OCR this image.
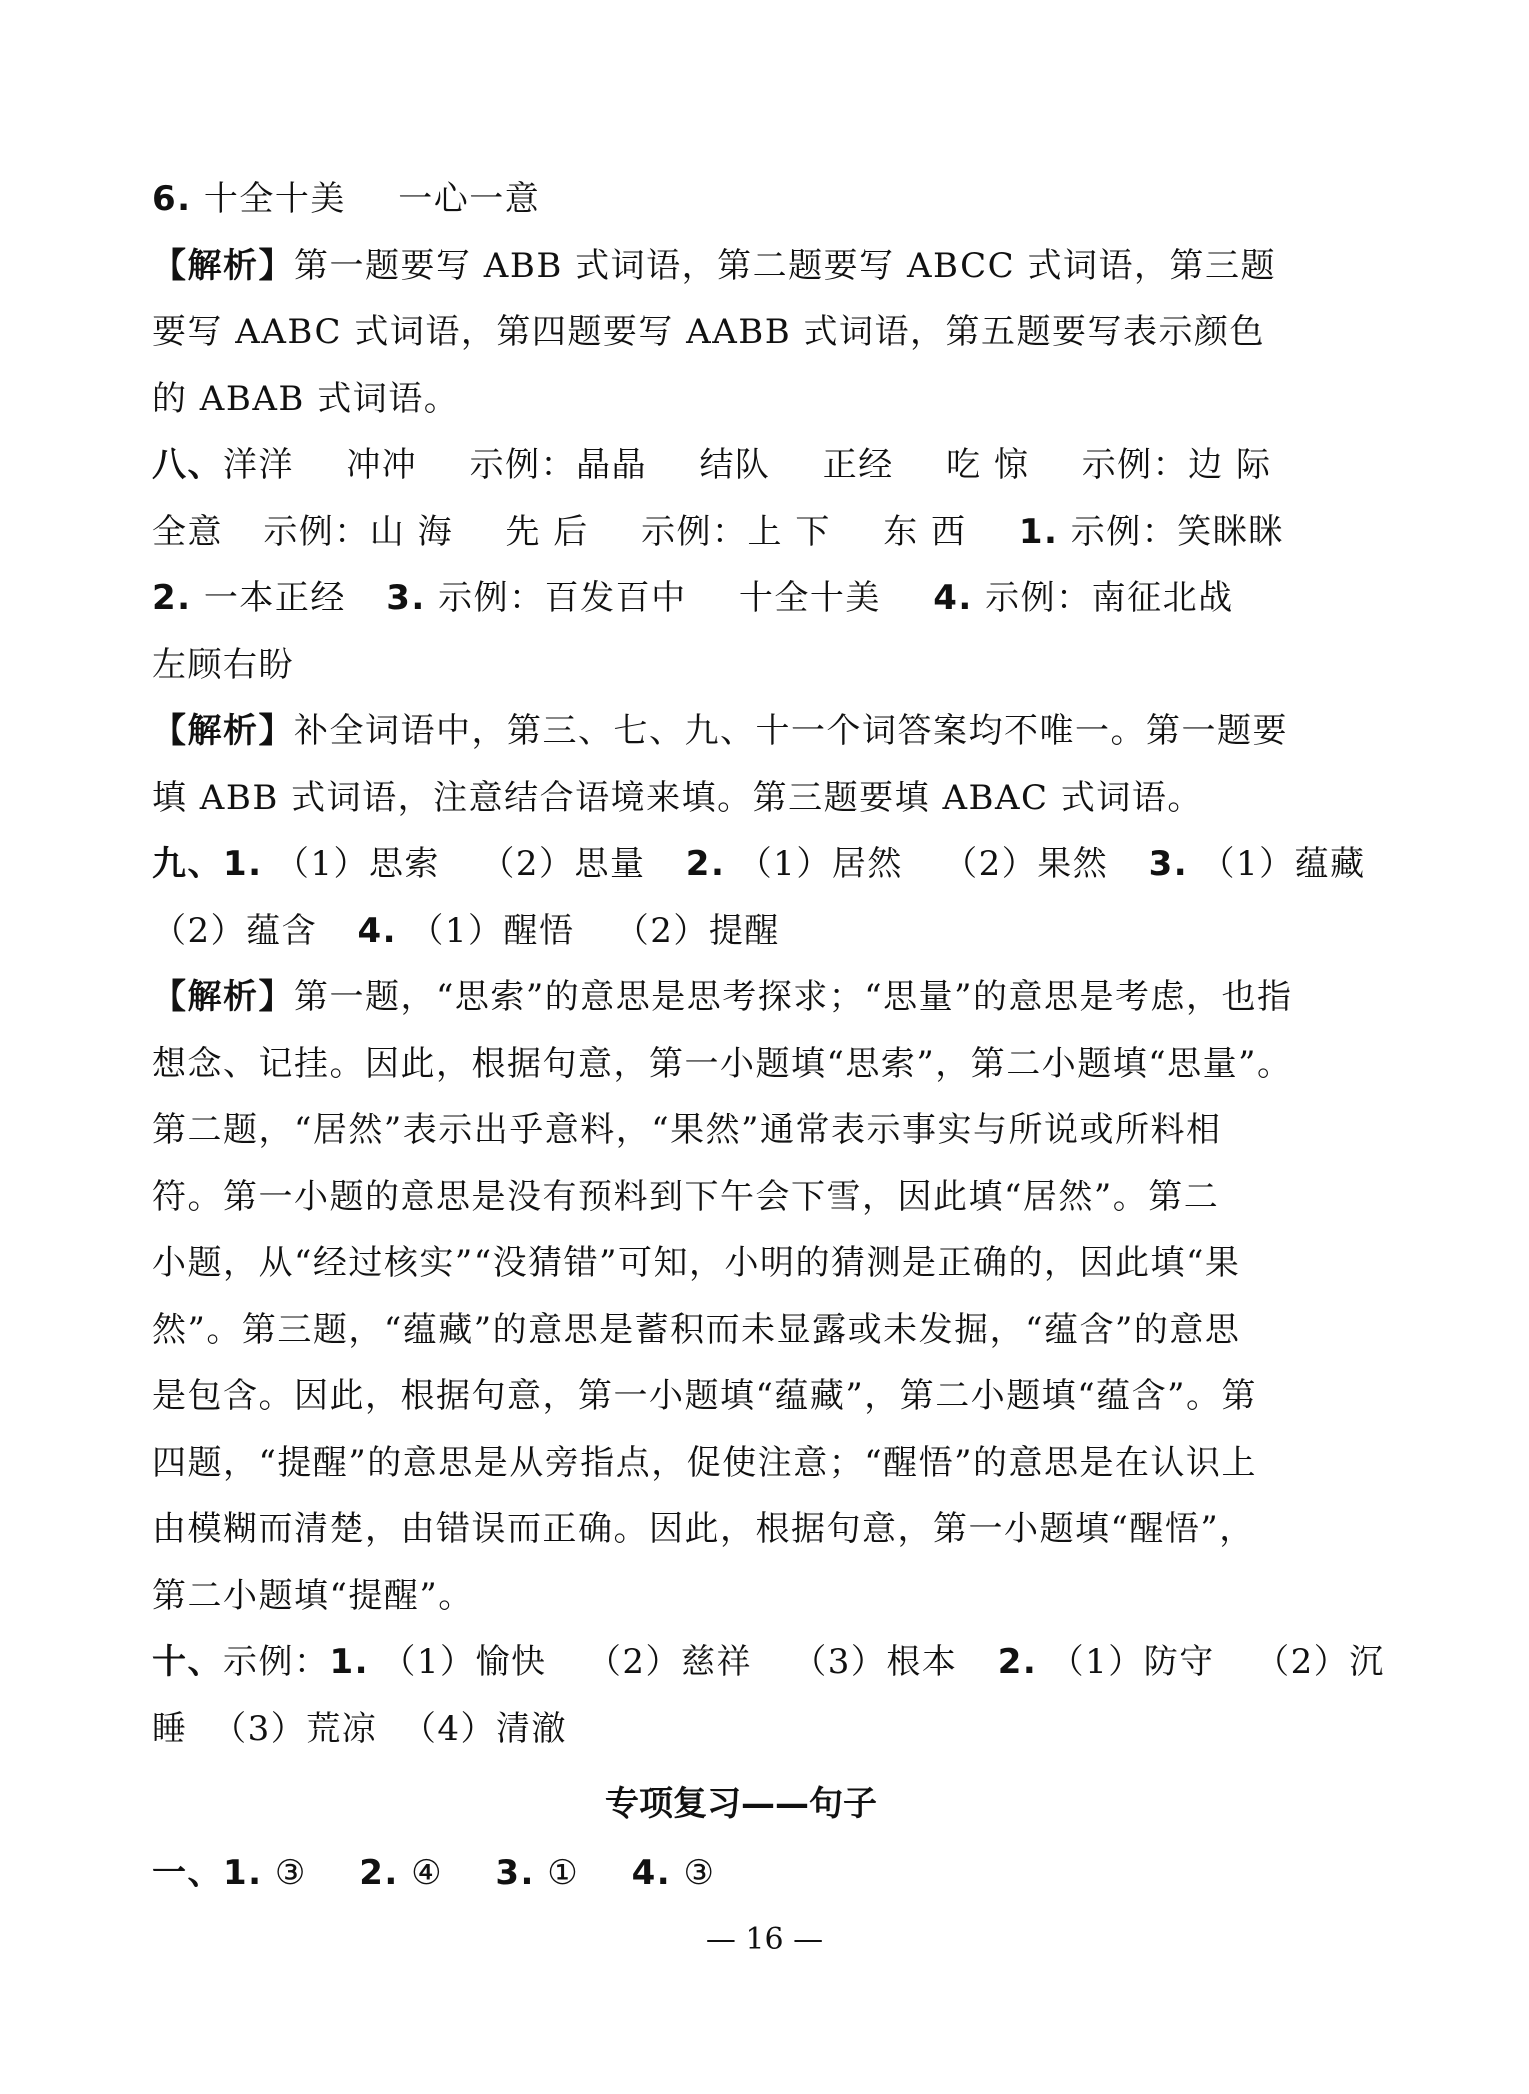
6. 十全十美 一心一意
【解析】第一题要写 ABB 式词语，第二题要写 ABCC 式词语，第三题
要写 AABC 式词语，第四题要写 AABB 式词语，第五题要写表示颜色
的 ABAB 式词语。
八、洋洋 冲冲 示例：晶晶 结队 正经 吃 惊 示例：边 际
全意 示例：山 海 先 后 示例：上 下 东 西 1. 示例：笑眯眯
2. 一本正经 3. 示例：百发百中 十全十美 4. 示例：南征北战
左顾右盼
【解析】补全词语中，第三、七、九、十一个词答案均不唯一。第一题要
填 ABB 式词语，注意结合语境来填。第三题要填 ABAC 式词语。
九、1. （1）思索 （2）思量 2. （1）居然 （2）果然 3. （1）蕴藏
（2）蕴含 4. （1）醒悟 （2）提醒
【解析】第一题，“思索”的意思是思考探求；“思量”的意思是考虑，也指
想念、记挂。因此，根据句意，第一小题填“思索”，第二小题填“思量”。
第二题，“居然”表示出乎意料，“果然”通常表示事实与所说或所料相
符。第一小题的意思是没有预料到下午会下雪，因此填“居然”。第二
小题，从“经过核实”“没猜错”可知，小明的猜测是正确的，因此填“果
然”。第三题，“蕴藏”的意思是蓄积而未显露或未发掘，“蕴含”的意思
是包含。因此，根据句意，第一小题填“蕴藏”，第二小题填“蕴含”。第
四题，“提醒”的意思是从旁指点，促使注意；“醒悟”的意思是在认识上
由模糊而清楚，由错误而正确。因此，根据句意，第一小题填“醒悟”，
第二小题填“提醒”。
十、示例：1. （1）愉快 （2）慈祥 （3）根本 2. （1）防守 （2）沉
睡  （3）荒凉  （4）清澈
专项复习——句子
一、1. ③ 2. ④ 3. ① 4. ③
— 16 —
